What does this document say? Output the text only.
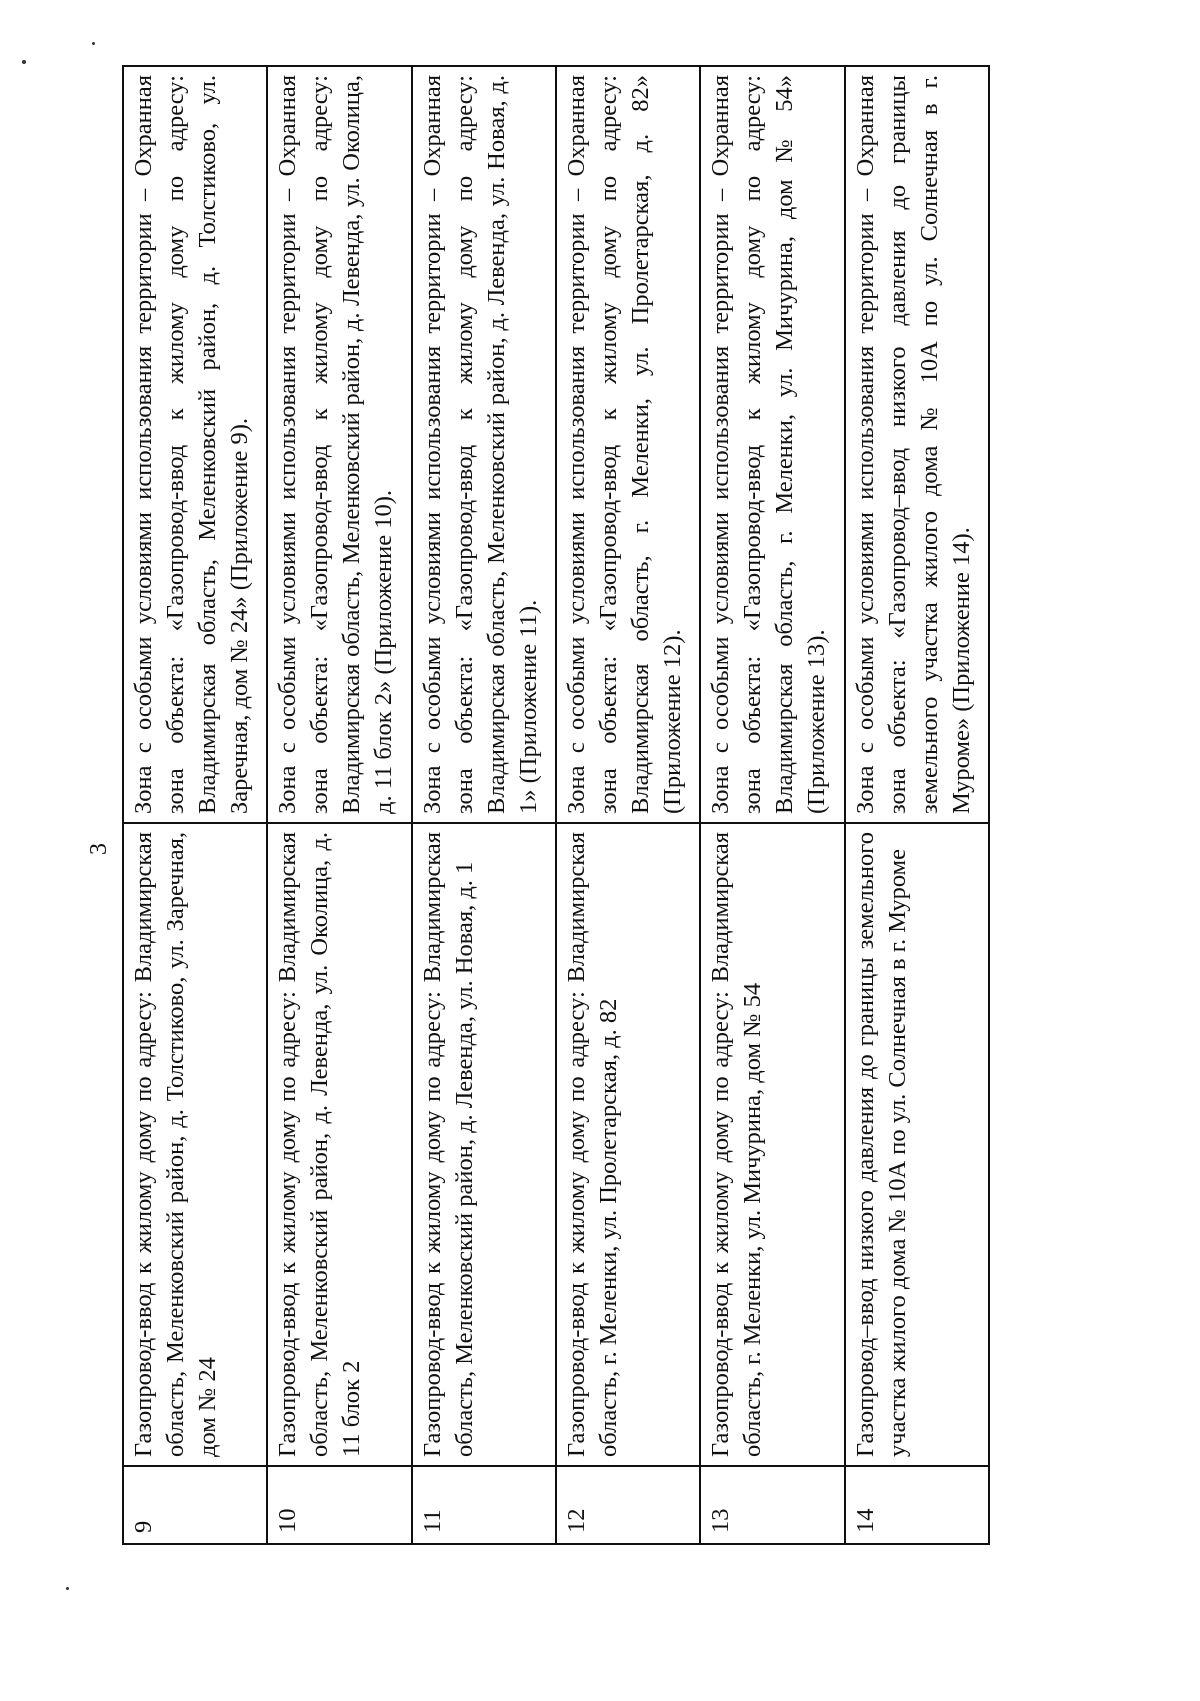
3
9	Газопровод-ввод к жилому дому по адресу: Владимирская область, Меленковский район, д. Толстиково, ул. Заречная, дом № 24	Зона с особыми условиями использования территории – Охранная зона объекта: «Газопровод-ввод к жилому дому по адресу: Владимирская область, Меленковский район, д. Толстиково, ул. Заречная, дом № 24» (Приложение 9).
10	Газопровод-ввод к жилому дому по адресу: Владимирская область, Меленковский район, д. Левенда, ул. Околица, д. 11 блок 2	Зона с особыми условиями использования территории – Охранная зона объекта: «Газопровод-ввод к жилому дому по адресу: Владимирская область, Меленковский район, д. Левенда, ул. Околица, д. 11 блок 2» (Приложение 10).
11	Газопровод-ввод к жилому дому по адресу: Владимирская область, Меленковский район, д. Левенда, ул. Новая, д. 1	Зона с особыми условиями использования территории – Охранная зона объекта: «Газопровод-ввод к жилому дому по адресу: Владимирская область, Меленковский район, д. Левенда, ул. Новая, д. 1» (Приложение 11).
12	Газопровод-ввод к жилому дому по адресу: Владимирская область, г. Меленки, ул. Пролетарская, д. 82	Зона с особыми условиями использования территории – Охранная зона объекта: «Газопровод-ввод к жилому дому по адресу: Владимирская область, г. Меленки, ул. Пролетарская, д. 82» (Приложение 12).
13	Газопровод-ввод к жилому дому по адресу: Владимирская область, г. Меленки, ул. Мичурина, дом № 54	Зона с особыми условиями использования территории – Охранная зона объекта: «Газопровод-ввод к жилому дому по адресу: Владимирская область, г. Меленки, ул. Мичурина, дом № 54» (Приложение 13).
14	Газопровод–ввод низкого давления до границы земельного участка жилого дома № 10А по ул. Солнечная в г. Муроме	Зона с особыми условиями использования территории – Охранная зона объекта: «Газопровод–ввод низкого давления до границы земельного участка жилого дома № 10А по ул. Солнечная в г. Муроме» (Приложение 14).
